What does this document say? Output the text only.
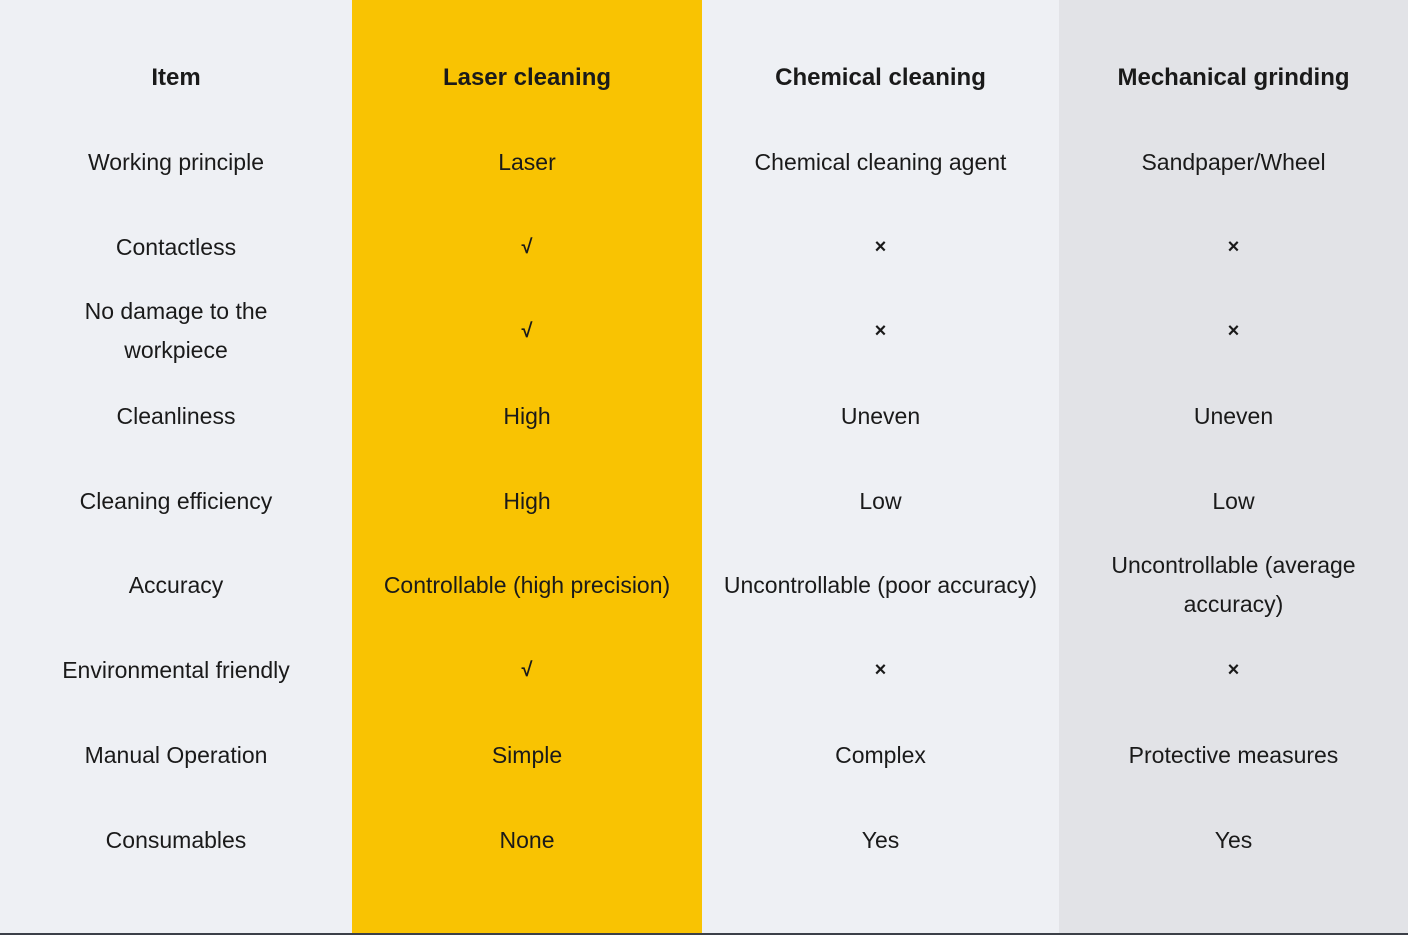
Item
Working principle
Contactless
No damage to the workpiece
Cleanliness
Cleaning efficiency
Accuracy
Environmental friendly
Manual Operation
Consumables
Laser cleaning
Laser
√
√
High
High
Controllable (high precision)
√
Simple
None
Chemical cleaning
Chemical cleaning agent
×
×
Uneven
Low
Uncontrollable (poor accuracy)
×
Complex
Yes
Mechanical grinding
Sandpaper/Wheel
×
×
Uneven
Low
Uncontrollable (average accuracy)
×
Protective measures
Yes
